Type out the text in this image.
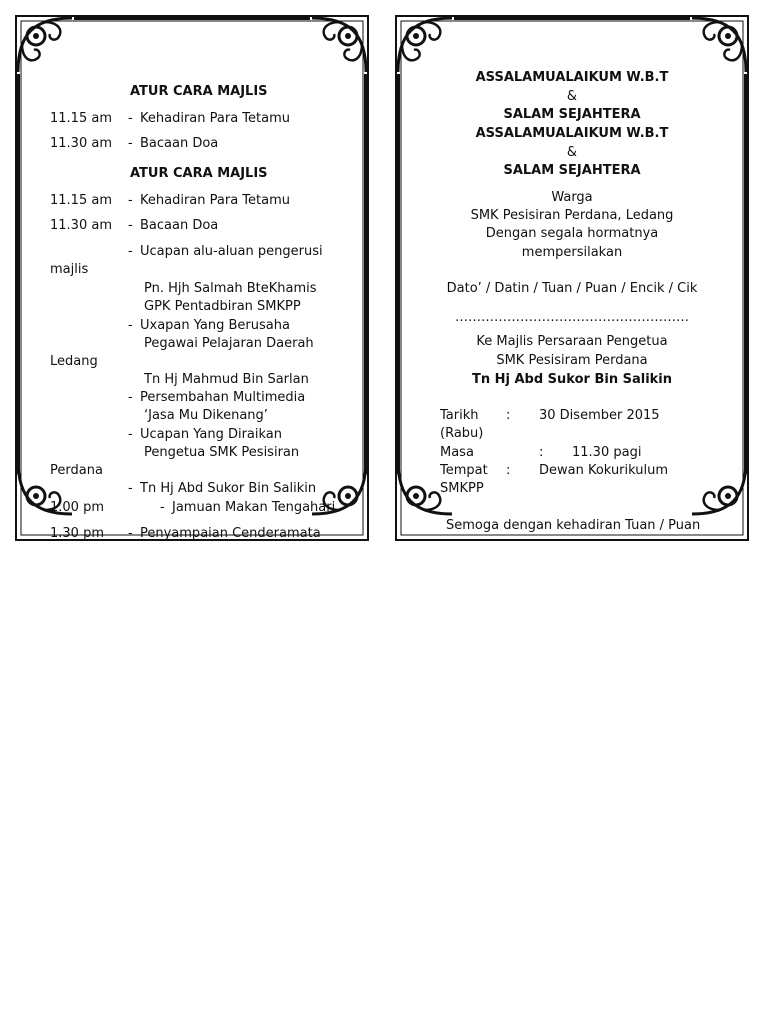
ATUR CARA MAJLIS
11.15 am - Kehadiran Para Tetamu
11.30 am - Bacaan Doa
ATUR CARA MAJLIS
11.15 am - Kehadiran Para Tetamu
11.30 am - Bacaan Doa
- Ucapan alu-aluan pengerusi
majlis
Pn. Hjh Salmah BteKhamis
GPK Pentadbiran SMKPP
- Uxapan Yang Berusaha
Pegawai Pelajaran Daerah
Ledang
Tn Hj Mahmud Bin Sarlan
- Persembahan Multimedia
‘Jasa Mu Dikenang’
- Ucapan Yang Diraikan
Pengetua SMK Pesisiran
Perdana
- Tn Hj Abd Sukor Bin Salikin
1.00 pm	- Jamuan Makan Tengahari
1.30 pm - Penyampaian Cenderamata
ASSALAMUALAIKUM W.B.T
&
SALAM SEJAHTERA
ASSALAMUALAIKUM W.B.T
&
SALAM SEJAHTERA
Warga
SMK Pesisiran Perdana, Ledang
Dengan segala hormatnya
mempersilakan
Dato’ / Datin / Tuan / Puan / Encik / Cik
………………………………………………
Ke Majlis Persaraan Pengetua
SMK Pesisiram Perdana
Tn Hj Abd Sukor Bin Salikin
Tarikh : 30 Disember 2015
(Rabu)
Masa	: 11.30 pagi
Tempat : Dewan Kokurikulum
SMKPP
Semoga dengan kehadiran Tuan / Puan
